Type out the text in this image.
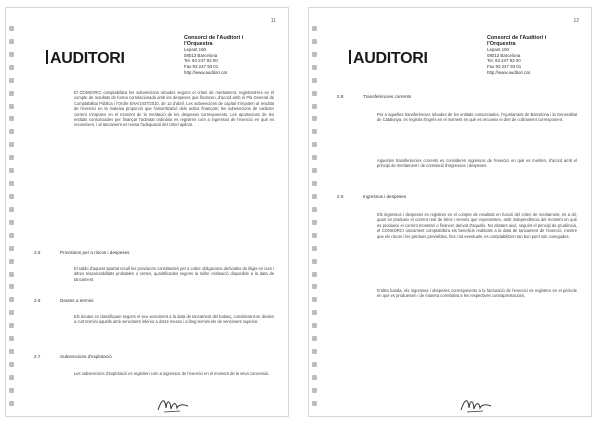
11
AUDITORI
Consorci de l'Auditori i
l'Orquestra
Lepant 150
08013 Barcelona
Tel. 93 247 93 00
Fax 93 247 93 01
http://www.auditori.cat
El CONSORCI comptabilitza les subvencions rebudes segons el criteri de meritament, registrant-les en el compte de resultats de forma correlacionada amb les despeses que financen, d'acord amb el Pla General de Comptabilitat Pública i l'Ordre EHA/1037/2010, de 13 d'abril. Les subvencions de capital s'imputen al resultat de l'exercici en la mateixa proporció que l'amortització dels actius finançats; les subvencions de caràcter corrent s'imputen en el moment de la meritació de les despeses corresponents. Les aportacions de les entitats consorciades per finançar l'activitat ordinària es registren com a ingressos de l'exercici en què es reconeixen, i al tancament es revisa l'adequació del criteri aplicat.
2.5	Provisions per a riscos i despeses
El saldo d'aquest apartat recull les provisions constituïdes per a cobrir obligacions derivades de litigis en curs i altres responsabilitats probables o certes, quantificades segons la millor estimació disponible a la data de tancament.
2.6	Deutes a termini
Els deutes es classifiquen segons el seu venciment a la data de tancament del balanç, considerant-se deutes a curt termini aquells amb venciment inferior a dotze mesos i a llarg termini els de venciment superior.
2.7	Subvencions d'explotació
Les subvencions d'explotació es registren com a ingressos de l'exercici en el moment de la seva concessió.
12
AUDITORI
Consorci de l'Auditori i
l'Orquestra
Lepant 150
08013 Barcelona
Tel. 93 247 93 00
Fax 93 247 93 01
http://www.auditori.cat
2.8	Transferències corrents
Per a aquelles transferències rebudes de les entitats consorciades, l'Ajuntament de Barcelona i la Generalitat de Catalunya, es registra l'ingrés en el moment en què es reconeix el dret de cobrament corresponent.
Aquestes transferències corrents es consideren ingressos de l'exercici en què es meriten, d'acord amb el principi de meritament i de correlació d'ingressos i despeses.
2.9	Ingressos i despeses
Els ingressos i despeses es registren en el compte de resultats en funció del criteri de meritament, és a dir, quan es produeix el corrent real de béns i serveis que representen, amb independència del moment en què es produeixi el corrent monetari o financer derivat d'aquells. No obstant això, seguint el principi de prudència, el CONSORCI únicament comptabilitza els beneficis realitzats a la data de tancament de l'exercici, mentre que els riscos i les pèrdues previsibles, fins i tot eventuals, es comptabilitzen tan bon punt són conegudes.
D'altra banda, els ingressos i despeses corresponents a la facturació de l'exercici es registren en el període en què es produeixen i de manera correlativa a les respectives contraprestacions.
